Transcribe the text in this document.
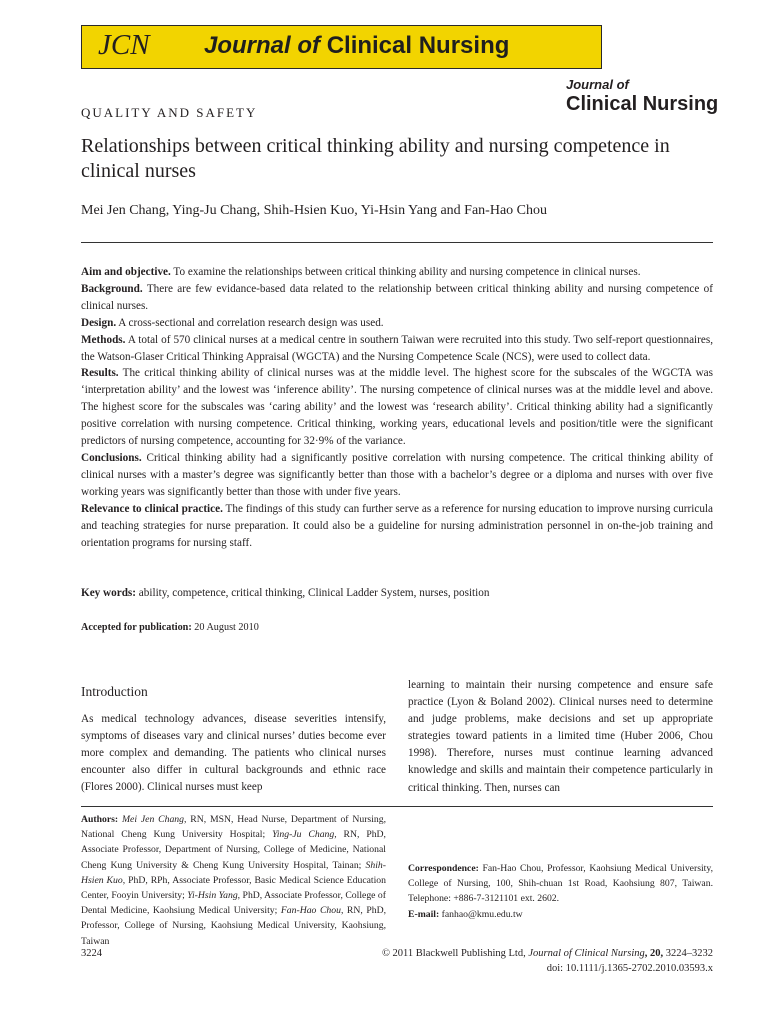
JCN Journal of Clinical Nursing
Journal of
Clinical Nursing
QUALITY AND SAFETY
Relationships between critical thinking ability and nursing competence in clinical nurses
Mei Jen Chang, Ying-Ju Chang, Shih-Hsien Kuo, Yi-Hsin Yang and Fan-Hao Chou

Aim and objective. To examine the relationships between critical thinking ability and nursing competence in clinical nurses.

Background. There are few evidance-based data related to the relationship between critical thinking ability and nursing competence of clinical nurses.

Design. A cross-sectional and correlation research design was used.

Methods. A total of 570 clinical nurses at a medical centre in southern Taiwan were recruited into this study. Two self-report questionnaires, the Watson-Glaser Critical Thinking Appraisal (WGCTA) and the Nursing Competence Scale (NCS), were used to collect data.

Results. The critical thinking ability of clinical nurses was at the middle level. The highest score for the subscales of the WGCTA was ‘interpretation ability’ and the lowest was ‘inference ability’. The nursing competence of clinical nurses was at the middle level and above. The highest score for the subscales was ‘caring ability’ and the lowest was ‘research ability’. Critical thinking ability had a significantly positive correlation with nursing competence. Critical thinking, working years, educational levels and position/title were the significant predictors of nursing competence, accounting for 32·9% of the variance.

Conclusions. Critical thinking ability had a significantly positive correlation with nursing competence. The critical thinking ability of clinical nurses with a master’s degree was significantly better than those with a bachelor’s degree or a diploma and nurses with over five working years was significantly better than those with under five years.

Relevance to clinical practice. The findings of this study can further serve as a reference for nursing education to improve nursing curricula and teaching strategies for nurse preparation. It could also be a guideline for nursing administration personnel in on-the-job training and orientation programs for nursing staff.

Key words: ability, competence, critical thinking, Clinical Ladder System, nurses, position
Accepted for publication: 20 August 2010
Introduction

As medical technology advances, disease severities intensify, symptoms of diseases vary and clinical nurses’ duties become ever more complex and demanding. The patients who clinical nurses encounter also differ in cultural backgrounds and ethnic race (Flores 2000). Clinical nurses must keep

learning to maintain their nursing competence and ensure safe practice (Lyon & Boland 2002). Clinical nurses need to determine and judge problems, make decisions and set up appropriate strategies toward patients in a limited time (Huber 2006, Chou 1998). Therefore, nurses must continue learning advanced knowledge and skills and maintain their competence particularly in critical thinking. Then, nurses can

Authors: Mei Jen Chang, RN, MSN, Head Nurse, Department of Nursing, National Cheng Kung University Hospital; Ying-Ju Chang, RN, PhD, Associate Professor, Department of Nursing, College of Medicine, National Cheng Kung University & Cheng Kung University Hospital, Tainan; Shih-Hsien Kuo, PhD, RPh, Associate Professor, Basic Medical Science Education Center, Fooyin University; Yi-Hsin Yang, PhD, Associate Professor, College of Dental Medicine, Kaohsiung Medical University; Fan-Hao Chou, RN, PhD, Professor, College of Nursing, Kaohsiung Medical University, Kaohsiung, Taiwan

Correspondence: Fan-Hao Chou, Professor, Kaohsiung Medical University, College of Nursing, 100, Shih-chuan 1st Road, Kaohsiung 807, Taiwan. Telephone: +886-7-3121101 ext. 2602.

E-mail: fanhao@kmu.edu.tw

3224	© 2011 Blackwell Publishing Ltd, Journal of Clinical Nursing, 20, 3224–3232
doi: 10.1111/j.1365-2702.2010.03593.x
